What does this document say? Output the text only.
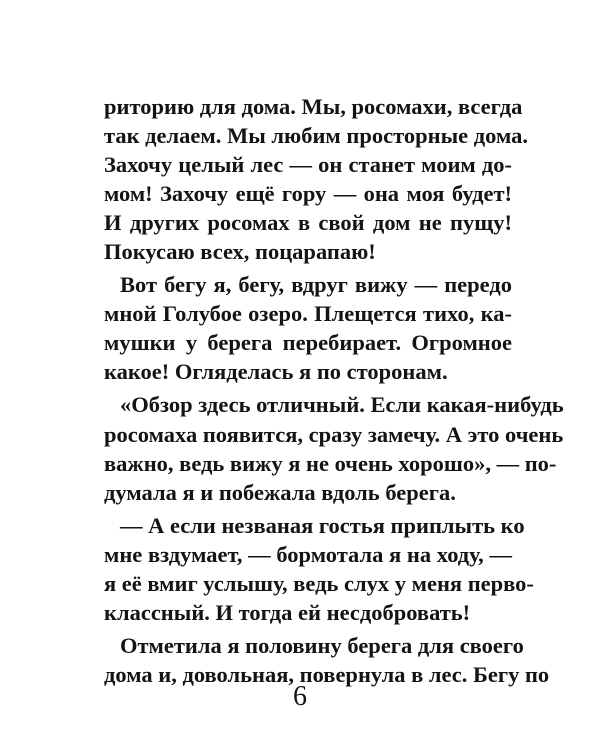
риторию для дома. Мы, росомахи, всегда
так делаем. Мы любим просторные дома.
Захочу целый лес — он станет моим до-
мом! Захочу ещё гору — она моя будет!
И других росомах в свой дом не пущу!
Покусаю всех, поцарапаю!
Вот бегу я, бегу, вдруг вижу — передо
мной Голубое озеро. Плещется тихо, ка-
мушки у берега перебирает. Огромное
какое! Огляделась я по сторонам.
«Обзор здесь отличный. Если какая-нибудь
росомаха появится, сразу замечу. А это очень
важно, ведь вижу я не очень хорошо», — по-
думала я и побежала вдоль берега.
— А если незваная гостья приплыть ко
мне вздумает, — бормотала я на ходу, —
я её вмиг услышу, ведь слух у меня перво-
классный. И тогда ей несдобровать!
Отметила я половину берега для своего
дома и, довольная, повернула в лес. Бегу по
6
